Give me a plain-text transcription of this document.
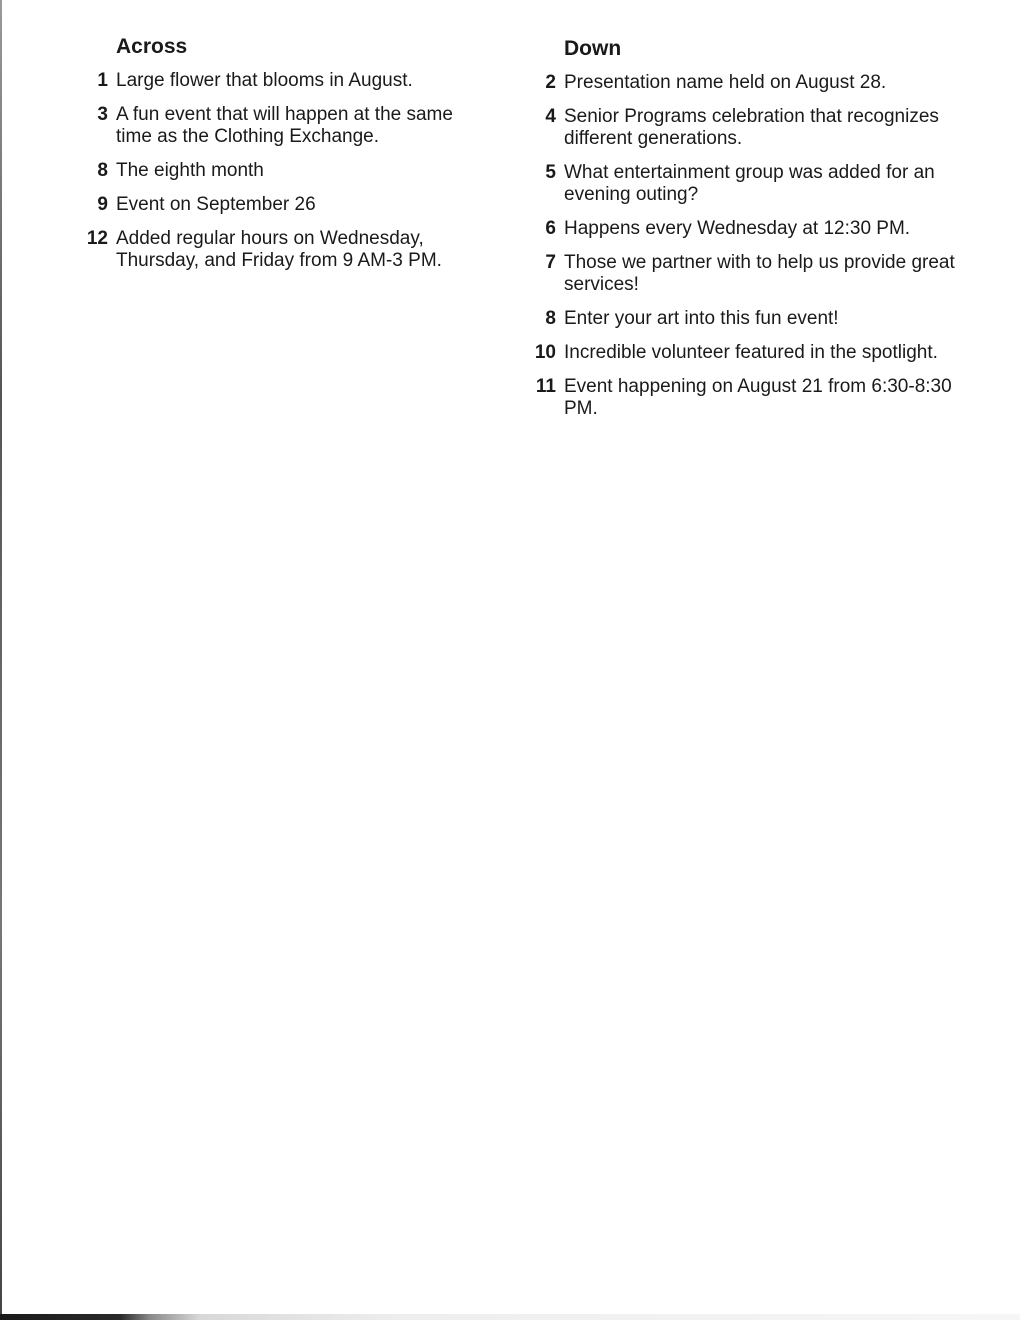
Across
1 Large flower that blooms in August.
3 A fun event that will happen at the same time as the Clothing Exchange.
8 The eighth month
9 Event on September 26
12 Added regular hours on Wednesday, Thursday, and Friday from 9 AM-3 PM.
Down
2 Presentation name held on August 28.
4 Senior Programs celebration that recognizes different generations.
5 What entertainment group was added for an evening outing?
6 Happens every Wednesday at 12:30 PM.
7 Those we partner with to help us provide great services!
8 Enter your art into this fun event!
10 Incredible volunteer featured in the spotlight.
11 Event happening on August 21 from 6:30-8:30 PM.
